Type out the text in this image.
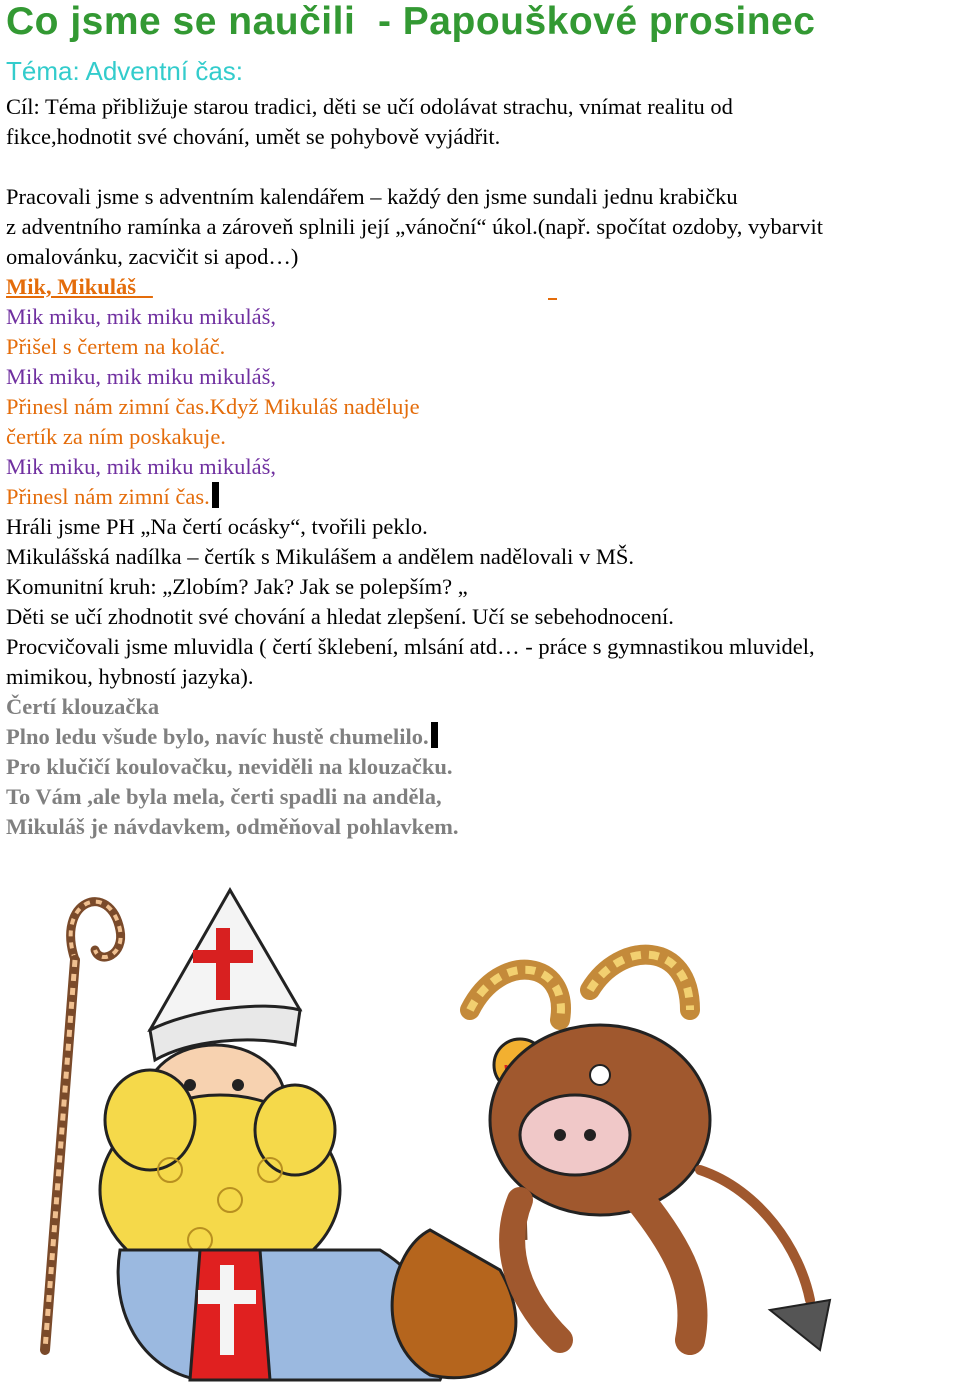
Co jsme se naučili  - Papouškové prosinec
Téma: Adventní čas:
Cíl: Téma přibližuje starou tradici, děti se učí odolávat strachu, vnímat realitu od
fikce,hodnotit své chování, umět se pohybově vyjádřit.
Pracovali jsme s adventním kalendářem – každý den jsme sundali jednu krabičku
z adventního ramínka a zároveň splnili její „vánoční“ úkol.(např. spočítat ozdoby, vybarvit
omalovánku, zacvičit si apod…)
Mik, Mikuláš
Mik miku, mik miku mikuláš,
Přišel s čertem na koláč.
Mik miku, mik miku mikuláš,
Přinesl nám zimní čas.Když Mikuláš naděluje
čertík za ním poskakuje.
Mik miku, mik miku mikuláš,
Přinesl nám zimní čas.
Hráli jsme PH „Na čertí ocásky“, tvořili peklo.
Mikulášská nadílka – čertík s Mikulášem a andělem nadělovali v MŠ.
Komunitní kruh: „Zlobím? Jak? Jak se polepším? „
Děti se učí zhodnotit své chování a hledat zlepšení. Učí se sebehodnocení.
Procvičovali jsme mluvidla ( čertí šklebení, mlsání atd… - práce s gymnastikou mluvidel,
mimikou, hybností jazyka).
Čertí klouzačka
Plno ledu všude bylo, navíc hustě chumelilo.
Pro klučičí koulovačku, neviděli na klouzačku.
To Vám ,ale byla mela, čerti spadli na anděla,
Mikuláš je návdavkem, odměňoval pohlavkem.
